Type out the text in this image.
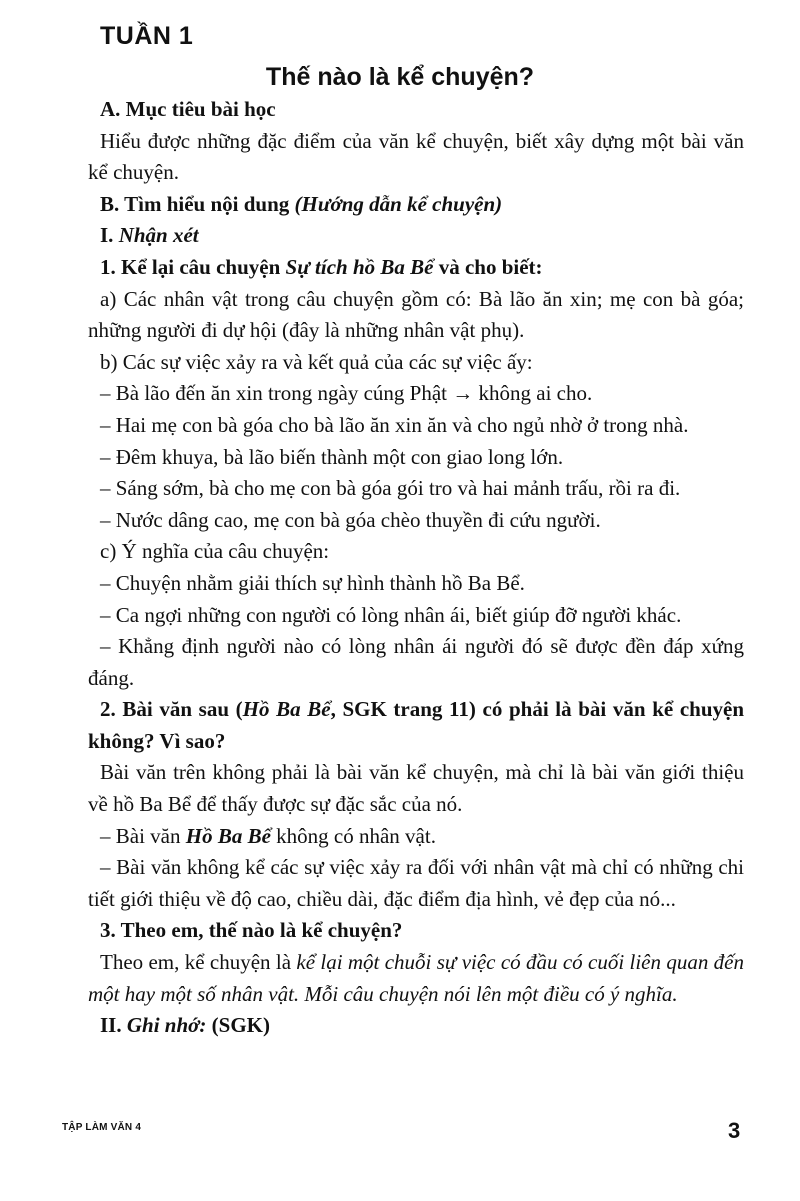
TUẦN 1
Thế nào là kể chuyện?

A. Mục tiêu bài học

Hiểu được những đặc điểm của văn kể chuyện, biết xây dựng một bài văn kể chuyện.

B. Tìm hiểu nội dung (Hướng dẫn kể chuyện)

I. Nhận xét

1. Kể lại câu chuyện Sự tích hồ Ba Bể và cho biết:

a) Các nhân vật trong câu chuyện gồm có: Bà lão ăn xin; mẹ con bà góa; những người đi dự hội (đây là những nhân vật phụ).

b) Các sự việc xảy ra và kết quả của các sự việc ấy:

– Bà lão đến ăn xin trong ngày cúng Phật → không ai cho.

– Hai mẹ con bà góa cho bà lão ăn xin ăn và cho ngủ nhờ ở trong nhà.

– Đêm khuya, bà lão biến thành một con giao long lớn.

– Sáng sớm, bà cho mẹ con bà góa gói tro và hai mảnh trấu, rồi ra đi.

– Nước dâng cao, mẹ con bà góa chèo thuyền đi cứu người.

c) Ý nghĩa của câu chuyện:

– Chuyện nhằm giải thích sự hình thành hồ Ba Bể.

– Ca ngợi những con người có lòng nhân ái, biết giúp đỡ người khác.

– Khẳng định người nào có lòng nhân ái người đó sẽ được đền đáp xứng đáng.

2. Bài văn sau (Hồ Ba Bể, SGK trang 11) có phải là bài văn kể chuyện không? Vì sao?

Bài văn trên không phải là bài văn kể chuyện, mà chỉ là bài văn giới thiệu về hồ Ba Bể để thấy được sự đặc sắc của nó.

– Bài văn Hồ Ba Bể không có nhân vật.

– Bài văn không kể các sự việc xảy ra đối với nhân vật mà chỉ có những chi tiết giới thiệu về độ cao, chiều dài, đặc điểm địa hình, vẻ đẹp của nó...

3. Theo em, thế nào là kể chuyện?

Theo em, kể chuyện là kể lại một chuỗi sự việc có đầu có cuối liên quan đến một hay một số nhân vật. Mỗi câu chuyện nói lên một điều có ý nghĩa.

II. Ghi nhớ: (SGK)

TẬP LÀM VĂN 4	3
